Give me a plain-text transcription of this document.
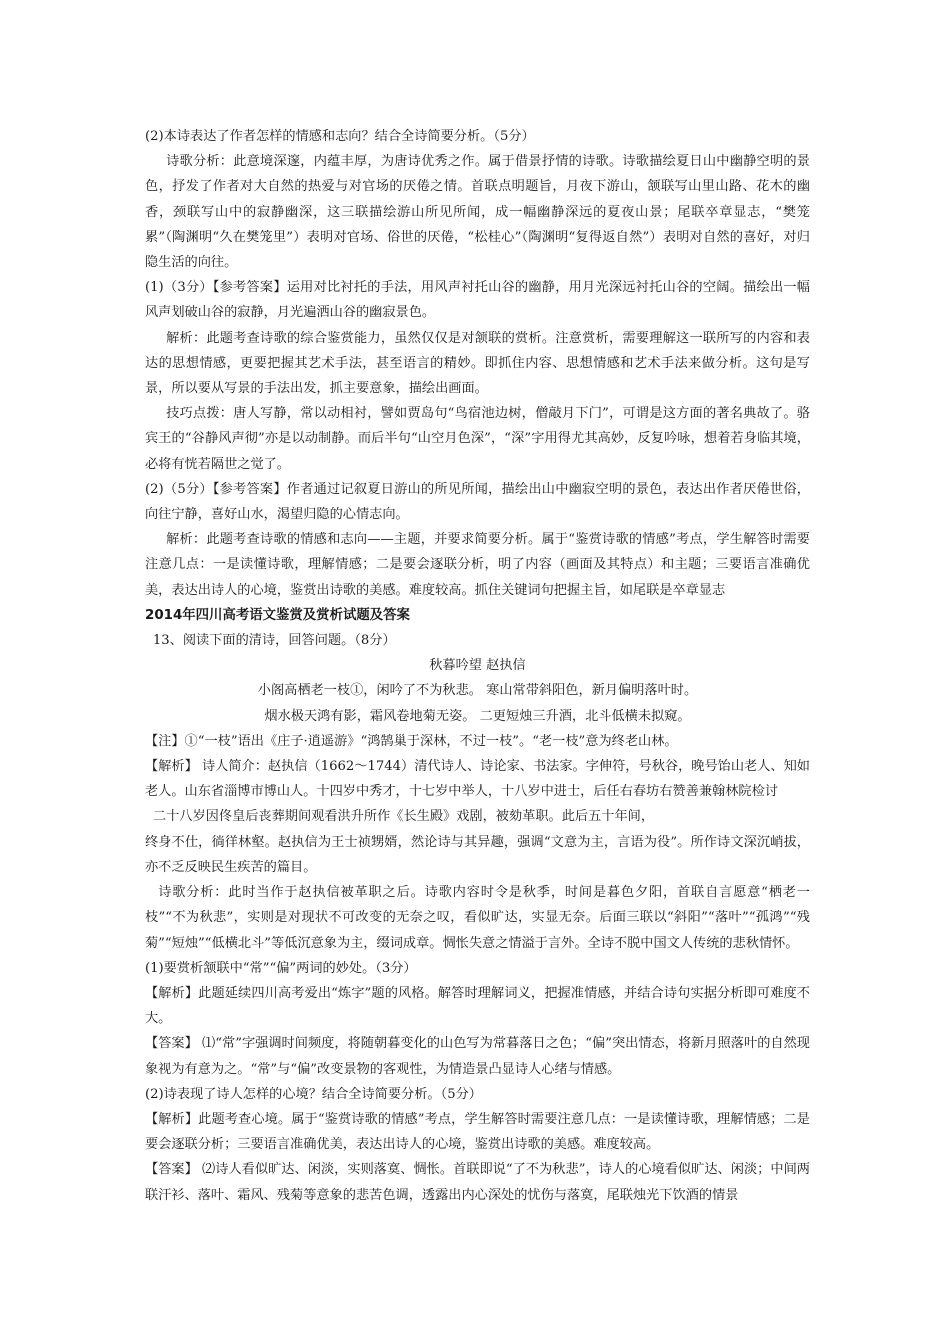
(2)本诗表达了作者怎样的情感和志向？结合全诗简要分析。（5分）

诗歌分析：此意境深邃，内蕴丰厚，为唐诗优秀之作。属于借景抒情的诗歌。诗歌描绘夏日山中幽静空明的景色，抒发了作者对大自然的热爱与对官场的厌倦之情。首联点明题旨，月夜下游山，颔联写山里山路、花木的幽香，颈联写山中的寂静幽深，这三联描绘游山所见所闻，成一幅幽静深远的夏夜山景；尾联卒章显志，“樊笼累”（陶渊明“久在樊笼里”）表明对官场、俗世的厌倦，“松桂心”（陶渊明“复得返自然”）表明对自然的喜好，对归隐生活的向往。

(1)（3分）【参考答案】运用对比衬托的手法，用风声衬托山谷的幽静，用月光深远衬托山谷的空阔。描绘出一幅风声划破山谷的寂静，月光遍洒山谷的幽寂景色。

解析：此题考查诗歌的综合鉴赏能力，虽然仅仅是对颔联的赏析。注意赏析，需要理解这一联所写的内容和表达的思想情感，更要把握其艺术手法，甚至语言的精妙。即抓住内容、思想情感和艺术手法来做分析。这句是写景，所以要从写景的手法出发，抓主要意象，描绘出画面。

技巧点拨：唐人写静，常以动相衬，譬如贾岛句“鸟宿池边树，僧敲月下门”，可谓是这方面的著名典故了。骆宾王的“谷静风声彻”亦是以动制静。而后半句“山空月色深”，“深”字用得尤其高妙，反复吟咏，想着若身临其境，必将有恍若隔世之觉了。

(2)（5分）【参考答案】作者通过记叙夏日游山的所见所闻，描绘出山中幽寂空明的景色，表达出作者厌倦世俗，向往宁静，喜好山水，渴望归隐的心情志向。

解析：此题考查诗歌的情感和志向——主题，并要求简要分析。属于“鉴赏诗歌的情感”考点，学生解答时需要注意几点：一是读懂诗歌，理解情感；二是要会逐联分析，明了内容（画面及其特点）和主题；三要语言准确优美，表达出诗人的心境，鉴赏出诗歌的美感。难度较高。抓住关键词句把握主旨，如尾联是卒章显志

2014年四川高考语文鉴赏及赏析试题及答案

13、阅读下面的清诗，回答问题。（8分）

秋暮吟望 赵执信

小阁高栖老一枝①，闲吟了不为秋悲。 寒山常带斜阳色，新月偏明落叶时。

烟水极天鸿有影，霜风卷地菊无姿。 二更短烛三升酒，北斗低横未拟窥。

【注】①“一枝”语出《庄子·逍遥游》“鸿鹄巢于深林，不过一枝”。“老一枝”意为终老山林。

【解析】 诗人简介：赵执信（1662～1744）清代诗人、诗论家、书法家。字伸符，号秋谷，晚号饴山老人、知如老人。山东省淄博市博山人。十四岁中秀才，十七岁中举人，十八岁中进士，后任右春坊右赞善兼翰林院检讨

二十八岁因佟皇后丧葬期间观看洪升所作《长生殿》戏剧，被劾革职。此后五十年间，

终身不仕，徜徉林壑。赵执信为王士祯甥婿，然论诗与其异趣，强调“文意为主，言语为役”。所作诗文深沉峭拔，亦不乏反映民生疾苦的篇目。

诗歌分析：此时当作于赵执信被革职之后。诗歌内容时令是秋季，时间是暮色夕阳，首联自言愿意“栖老一枝”“不为秋悲”，实则是对现状不可改变的无奈之叹，看似旷达，实显无奈。后面三联以“斜阳”“落叶”“孤鸿”“残菊”“短烛”“低横北斗”等低沉意象为主，缀词成章。惆怅失意之情溢于言外。全诗不脱中国文人传统的悲秋情怀。

(1)要赏析颔联中“常”“偏”两词的妙处。（3分）

【解析】此题延续四川高考爱出“炼字”题的风格。解答时理解词义，把握准情感，并结合诗句实据分析即可难度不大。

【答案】 ⑴“常”字强调时间频度，将随朝暮变化的山色写为常暮落日之色；“偏”突出情态，将新月照落叶的自然现象视为有意为之。“常”与“偏”改变景物的客观性，为情造景凸显诗人心绪与情感。

(2)诗表现了诗人怎样的心境？结合全诗简要分析。（5分）

【解析】此题考查心境。属于“鉴赏诗歌的情感”考点，学生解答时需要注意几点：一是读懂诗歌，理解情感；二是要会逐联分析；三要语言准确优美，表达出诗人的心境，鉴赏出诗歌的美感。难度较高。

【答案】 ⑵诗人看似旷达、闲淡，实则落寞、惆怅。首联即说“了不为秋悲”，诗人的心境看似旷达、闲淡；中间两联汗衫、落叶、霜风、残菊等意象的悲苦色调，透露出内心深处的忧伤与落寞，尾联烛光下饮酒的情景
